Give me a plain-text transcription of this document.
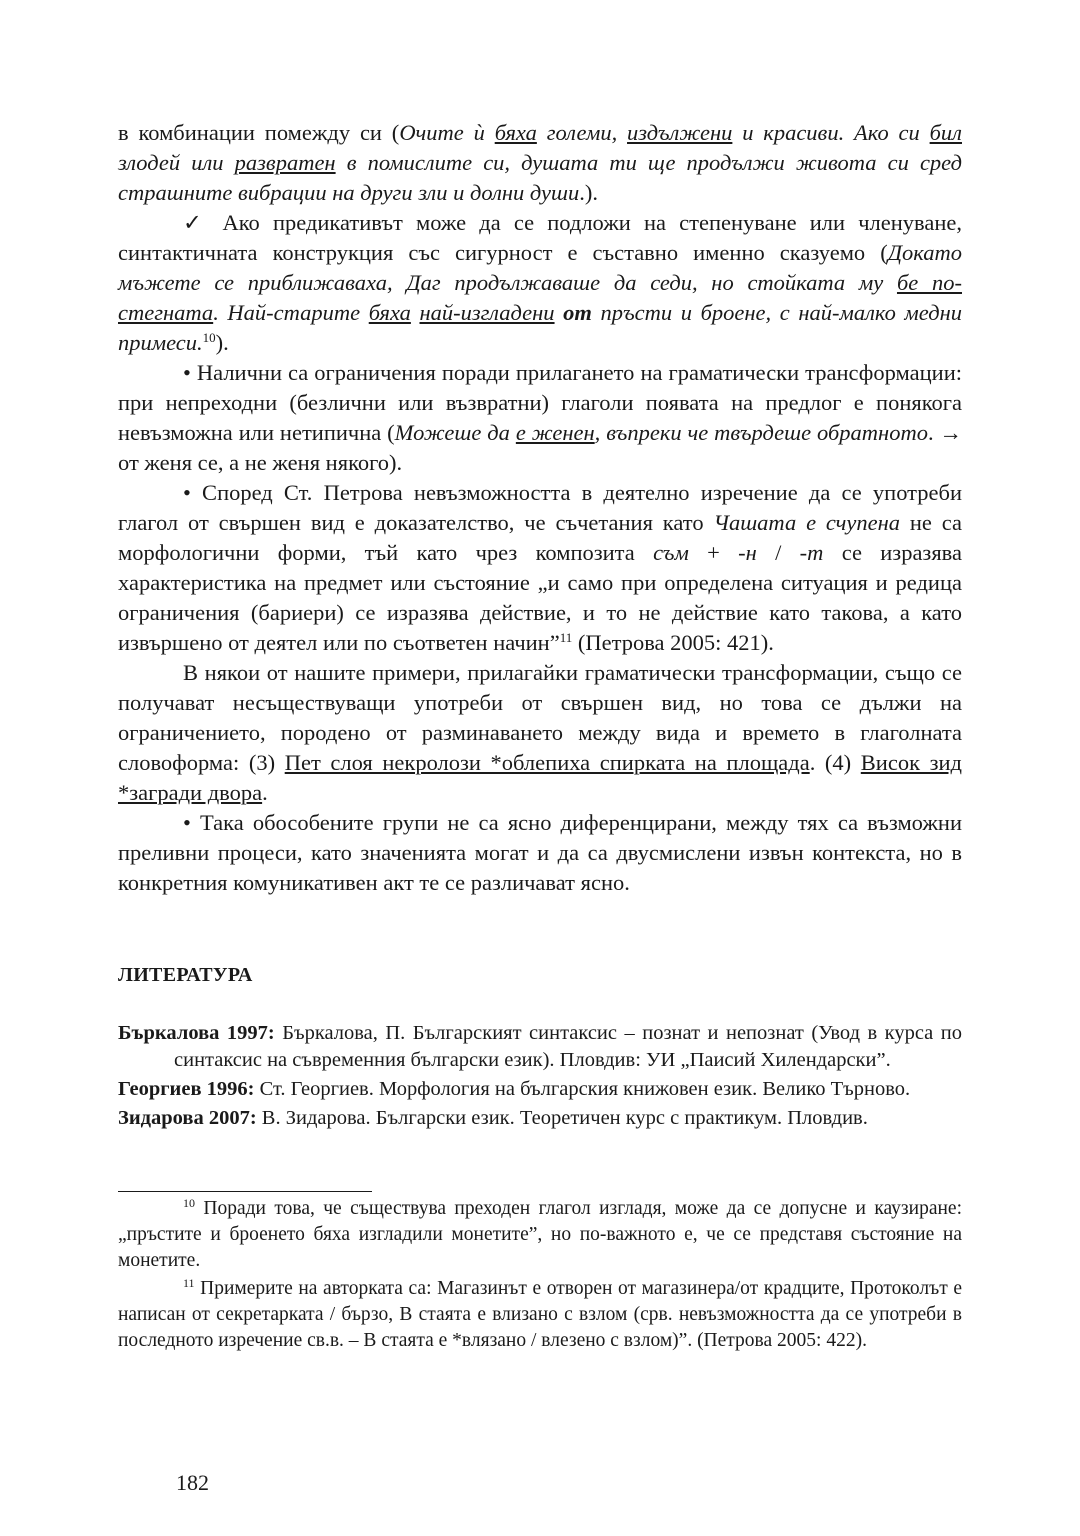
в комбинации помежду си (Очите ѝ бяха големи, издължени и красиви. Ако си бил злодей или развратен в помислите си, душата ти ще продължи живота си сред страшните вибрации на други зли и долни души.).

✓ Ако предикативът може да се подложи на степенуване или членуване, синтактичната конструкция със сигурност е съставно именно сказуемо (Докато мъжете се приближаваха, Даг продължаваше да седи, но стойката му бе по-стегната. Най-старите бяха най-изгладени от пръсти и броене, с най-малко медни примеси.$^{10}$).

• Налични са ограничения поради прилагането на граматически трансформации: при непреходни (безлични или възвратни) глаголи появата на предлог е понякога невъзможна или нетипична (Можеше да е женен, въпреки че твърдеше обратното. → от женя се, а не женя някого).

• Според Ст. Петрова невъзможността в деятелно изречение да се употреби глагол от свършен вид е доказателство, че съчетания като Чашата е счупена не са морфологични форми, тъй като чрез композита съм + -н / -т се изразява характеристика на предмет или състояние „и само при определена ситуация и редица ограничения (бариери) се изразява действие, и то не действие като такова, а като извършено от деятел или по съответен начин”$^{11}$ (Петрова 2005: 421).

В някои от нашите примери, прилагайки граматически трансформации, също се получават несъществуващи употреби от свършен вид, но това се дължи на ограничението, породено от разминаването между вида и времето в глаголната словоформа: (3) Пет слоя некролози *облепиха спирката на площада. (4) Висок зид *загради двора.

• Така обособените групи не са ясно диференцирани, между тях са възможни преливни процеси, като значенията могат и да са двусмислени извън контекста, но в конкретния комуникативен акт те се различават ясно.

ЛИТЕРАТУРА

Бъркалова 1997: Бъркалова, П. Българският синтаксис – познат и непознат (Увод в курса по синтаксис на съвременния български език). Пловдив: УИ „Паисий Хилендарски”.

Георгиев 1996: Ст. Георгиев. Морфология на българския книжовен език. Велико Търново.

Зидарова 2007: В. Зидарова. Български език. Теоретичен курс с практикум. Пловдив.

$^{10}$ Поради това, че съществува преходен глагол изгладя, може да се допусне и каузиране: „пръстите и броенето бяха изгладили монетите”, но по-важното е, че се представя състояние на монетите.

$^{11}$ Примерите на авторката са: Магазинът е отворен от магазинера/от крадците, Протоколът е написан от секретарката / бързо, В стаята е влизано с взлом (срв. невъзможността да се употреби в последното изречение св.в. – В стаята е *влязано / влезено с взлом)”. (Петрова 2005: 422).

182
